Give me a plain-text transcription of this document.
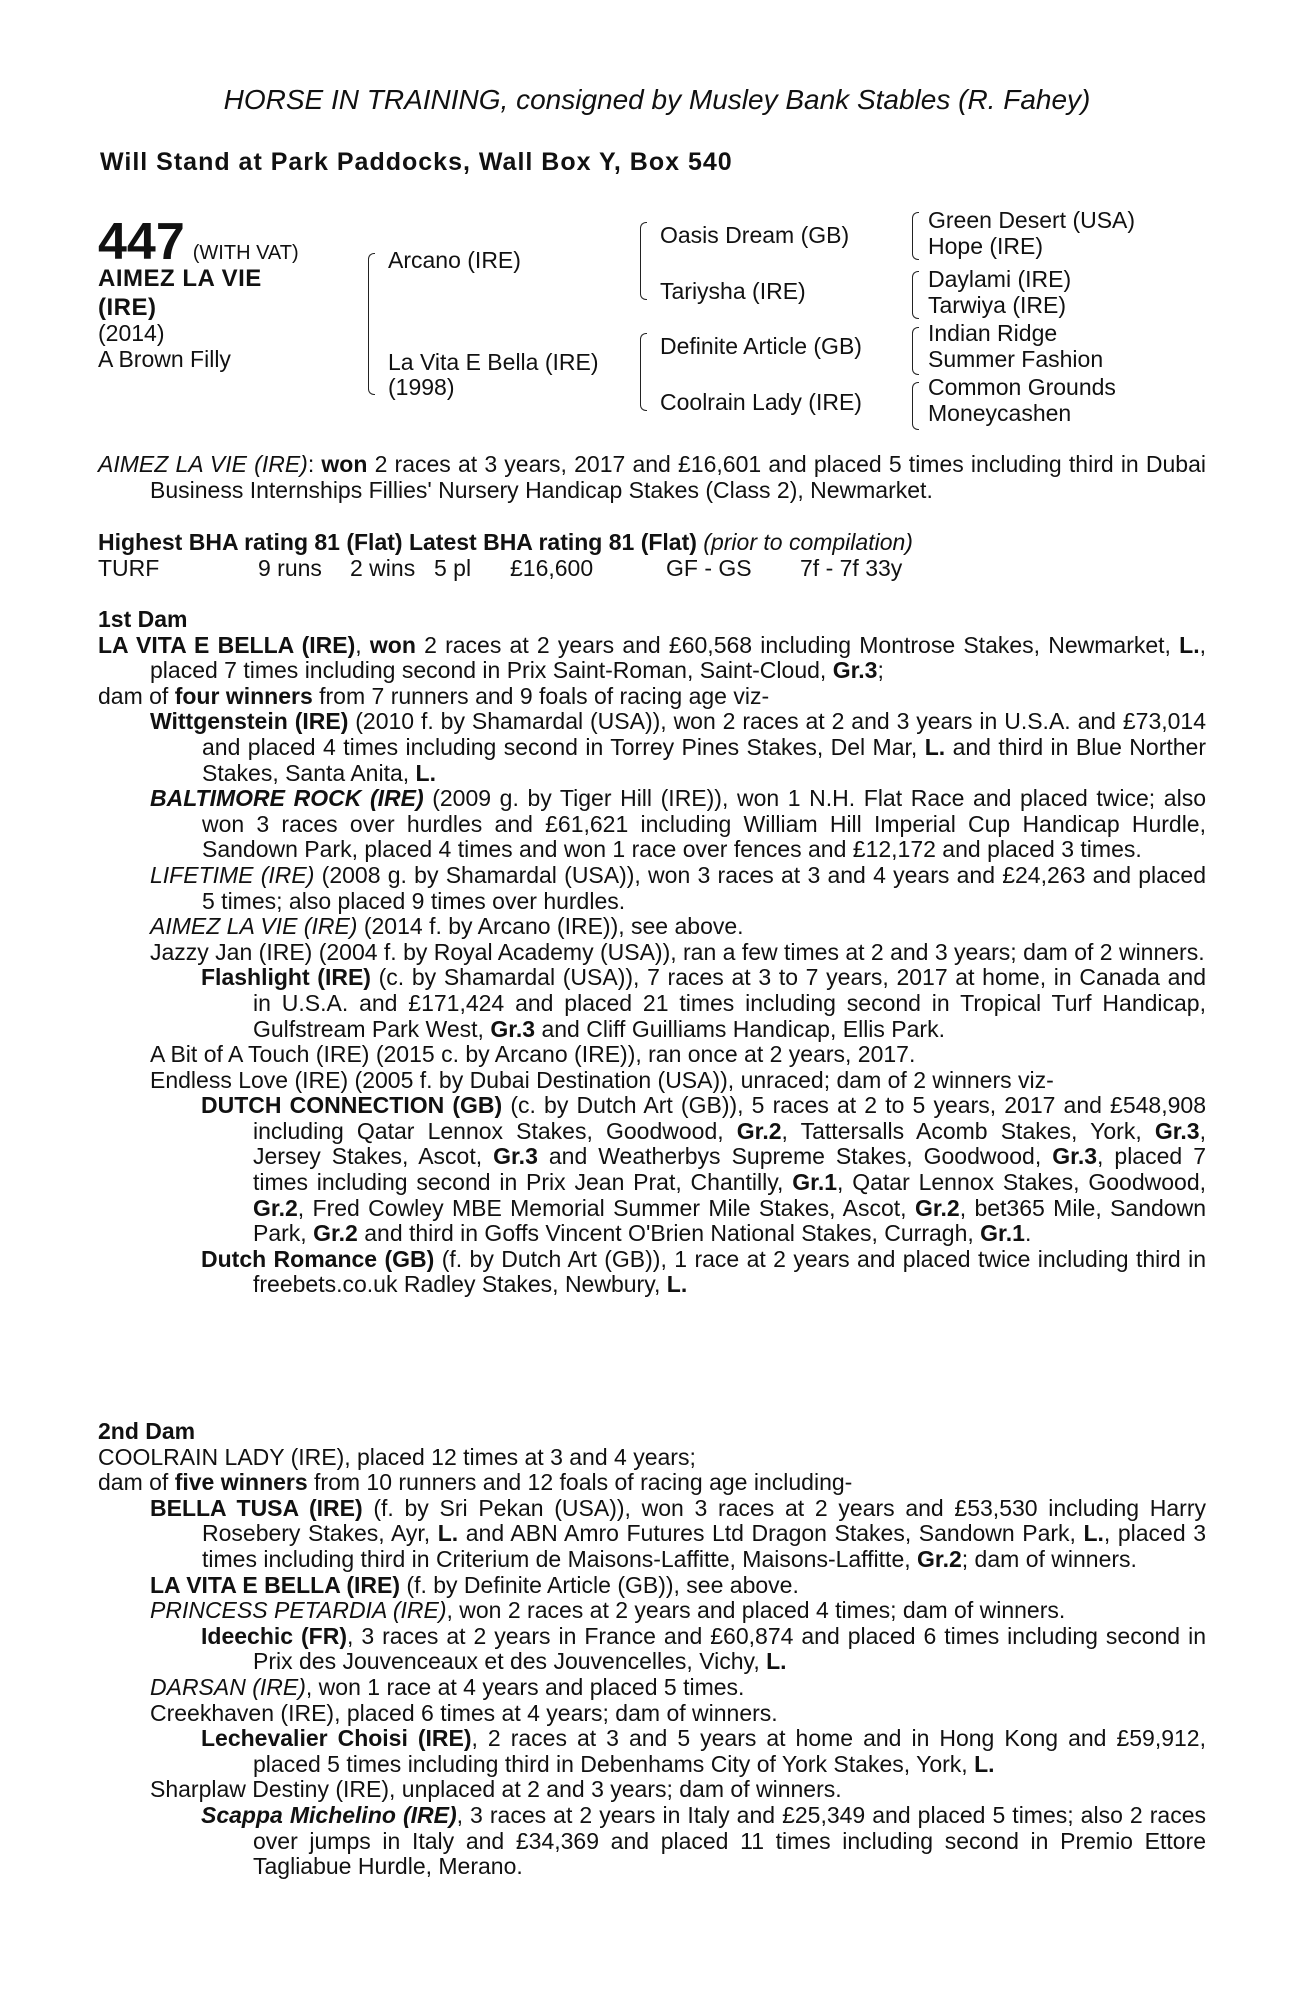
HORSE IN TRAINING, consigned by Musley Bank Stables (R. Fahey)
Will Stand at Park Paddocks, Wall Box Y, Box 540
447 (WITH VAT)
AIMEZ LA VIE
(IRE)
(2014)
A Brown Filly
Arcano (IRE)
La Vita E Bella (IRE)
(1998)
Oasis Dream (GB)
Tariysha (IRE)
Definite Article (GB)
Coolrain Lady (IRE)
Green Desert (USA)
Hope (IRE)
Daylami (IRE)
Tarwiya (IRE)
Indian Ridge
Summer Fashion
Common Grounds
Moneycashen

AIMEZ LA VIE (IRE): won 2 races at 3 years, 2017 and £16,601 and placed 5 times including third in Dubai Business Internships Fillies' Nursery Handicap Stakes (Class 2), Newmarket.

Highest BHA rating 81 (Flat) Latest BHA rating 81 (Flat) (prior to compilation)

TURF	9 runs 2 wins 5 pl £16,600	GF - GS 7f - 7f 33y

1st Dam

LA VITA E BELLA (IRE), won 2 races at 2 years and £60,568 including Montrose Stakes, Newmarket, L., placed 7 times including second in Prix Saint-Roman, Saint-Cloud, Gr.3;

dam of four winners from 7 runners and 9 foals of racing age viz-

Wittgenstein (IRE) (2010 f. by Shamardal (USA)), won 2 races at 2 and 3 years in U.S.A. and £73,014 and placed 4 times including second in Torrey Pines Stakes, Del Mar, L. and third in Blue Norther Stakes, Santa Anita, L.

BALTIMORE ROCK (IRE) (2009 g. by Tiger Hill (IRE)), won 1 N.H. Flat Race and placed twice; also won 3 races over hurdles and £61,621 including William Hill Imperial Cup Handicap Hurdle, Sandown Park, placed 4 times and won 1 race over fences and £12,172 and placed 3 times.

LIFETIME (IRE) (2008 g. by Shamardal (USA)), won 3 races at 3 and 4 years and £24,263 and placed 5 times; also placed 9 times over hurdles.

AIMEZ LA VIE (IRE) (2014 f. by Arcano (IRE)), see above.

Jazzy Jan (IRE) (2004 f. by Royal Academy (USA)), ran a few times at 2 and 3 years; dam of 2 winners.

Flashlight (IRE) (c. by Shamardal (USA)), 7 races at 3 to 7 years, 2017 at home, in Canada and in U.S.A. and £171,424 and placed 21 times including second in Tropical Turf Handicap, Gulfstream Park West, Gr.3 and Cliff Guilliams Handicap, Ellis Park.

A Bit of A Touch (IRE) (2015 c. by Arcano (IRE)), ran once at 2 years, 2017.

Endless Love (IRE) (2005 f. by Dubai Destination (USA)), unraced; dam of 2 winners viz-

DUTCH CONNECTION (GB) (c. by Dutch Art (GB)), 5 races at 2 to 5 years, 2017 and £548,908 including Qatar Lennox Stakes, Goodwood, Gr.2, Tattersalls Acomb Stakes, York, Gr.3, Jersey Stakes, Ascot, Gr.3 and Weatherbys Supreme Stakes, Goodwood, Gr.3, placed 7 times including second in Prix Jean Prat, Chantilly, Gr.1, Qatar Lennox Stakes, Goodwood, Gr.2, Fred Cowley MBE Memorial Summer Mile Stakes, Ascot, Gr.2, bet365 Mile, Sandown Park, Gr.2 and third in Goffs Vincent O'Brien National Stakes, Curragh, Gr.1.

Dutch Romance (GB) (f. by Dutch Art (GB)), 1 race at 2 years and placed twice including third in freebets.co.uk Radley Stakes, Newbury, L.

2nd Dam

COOLRAIN LADY (IRE), placed 12 times at 3 and 4 years;

dam of five winners from 10 runners and 12 foals of racing age including-

BELLA TUSA (IRE) (f. by Sri Pekan (USA)), won 3 races at 2 years and £53,530 including Harry Rosebery Stakes, Ayr, L. and ABN Amro Futures Ltd Dragon Stakes, Sandown Park, L., placed 3 times including third in Criterium de Maisons-Laffitte, Maisons-Laffitte, Gr.2; dam of winners.

LA VITA E BELLA (IRE) (f. by Definite Article (GB)), see above.

PRINCESS PETARDIA (IRE), won 2 races at 2 years and placed 4 times; dam of winners.

Ideechic (FR), 3 races at 2 years in France and £60,874 and placed 6 times including second in Prix des Jouvenceaux et des Jouvencelles, Vichy, L.

DARSAN (IRE), won 1 race at 4 years and placed 5 times.

Creekhaven (IRE), placed 6 times at 4 years; dam of winners.

Lechevalier Choisi (IRE), 2 races at 3 and 5 years at home and in Hong Kong and £59,912, placed 5 times including third in Debenhams City of York Stakes, York, L.

Sharplaw Destiny (IRE), unplaced at 2 and 3 years; dam of winners.

Scappa Michelino (IRE), 3 races at 2 years in Italy and £25,349 and placed 5 times; also 2 races over jumps in Italy and £34,369 and placed 11 times including second in Premio Ettore Tagliabue Hurdle, Merano.
